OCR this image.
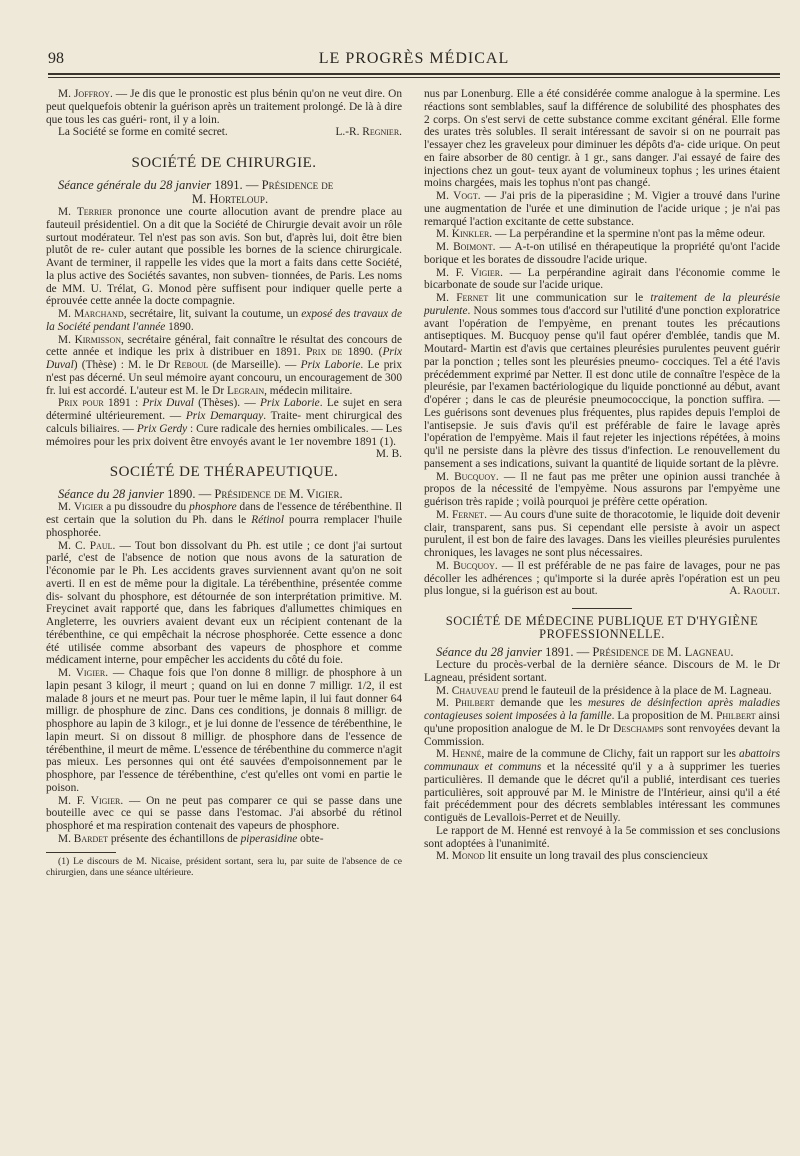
98	LE PROGRÈS MÉDICAL

M. Joffroy. — Je dis que le pronostic est plus bénin qu'on ne veut dire. On peut quelquefois obtenir la guérison après un traitement prolongé. De là à dire que tous les cas guéri- ront, il y a loin.

La Société se forme en comité secret.	L.-R. Regnier.

SOCIÉTÉ DE CHIRURGIE.

Séance générale du 28 janvier 1891. — Présidence de

M. Horteloup.

M. Terrier prononce une courte allocution avant de prendre place au fauteuil présidentiel. On a dit que la Société de Chirurgie devait avoir un rôle surtout modérateur. Tel n'est pas son avis. Son but, d'après lui, doit être bien plutôt de re- culer autant que possible les bornes de la science chirurgicale. Avant de terminer, il rappelle les vides que la mort a faits dans cette Société, la plus active des Sociétés savantes, non subven- tionnées, de Paris. Les noms de MM. U. Trélat, G. Monod père suffisent pour indiquer quelle perte a éprouvée cette année la docte compagnie.

M. Marchand, secrétaire, lit, suivant la coutume, un exposé des travaux de la Société pendant l'année 1890.

M. Kirmisson, secrétaire général, fait connaître le résultat des concours de cette année et indique les prix à distribuer en 1891. Prix de 1890. (Prix Duval) (Thèse) : M. le Dr Reboul (de Marseille). — Prix Laborie. Le prix n'est pas décerné. Un seul mémoire ayant concouru, un encouragement de 300 fr. lui est accordé. L'auteur est M. le Dr Legrain, médecin militaire.

Prix pour 1891 : Prix Duval (Thèses). — Prix Laborie. Le sujet en sera déterminé ultérieurement. — Prix Demarquay. Traite- ment chirurgical des calculs biliaires. — Prix Gerdy : Cure radicale des hernies ombilicales. — Les mémoires pour les prix doivent être envoyés avant le 1er novembre 1891 (1).
M. B.

SOCIÉTÉ DE THÉRAPEUTIQUE.

Séance du 28 janvier 1890. — Présidence de M. Vigier.

M. Vigier a pu dissoudre du phosphore dans de l'essence de térébenthine. Il est certain que la solution du Ph. dans le Rétinol pourra remplacer l'huile phosphorée.

M. C. Paul. — Tout bon dissolvant du Ph. est utile ; ce dont j'ai surtout parlé, c'est de l'absence de notion que nous avons de la saturation de l'économie par le Ph. Les accidents graves surviennent avant qu'on ne soit averti. Il en est de même pour la digitale. La térébenthine, présentée comme dis- solvant du phosphore, est détournée de son interprétation primitive. M. Freycinet avait rapporté que, dans les fabriques d'allumettes chimiques en Angleterre, les ouvriers avaient devant eux un récipient contenant de la térébenthine, ce qui empêchait la nécrose phosphorée. Cette essence a donc été utilisée comme absorbant des vapeurs de phosphore et comme médicament interne, pour empêcher les accidents du côté du foie.

M. Vigier. — Chaque fois que l'on donne 8 milligr. de phosphore à un lapin pesant 3 kilogr, il meurt ; quand on lui en donne 7 milligr. 1/2, il est malade 8 jours et ne meurt pas. Pour tuer le même lapin, il lui faut donner 64 milligr. de phosphure de zinc. Dans ces conditions, je donnais 8 milligr. de phosphore au lapin de 3 kilogr., et je lui donne de l'essence de térébenthine, le lapin meurt. Si on dissout 8 milligr. de phosphore dans de l'essence de térébenthine, il meurt de même. L'essence de térébenthine du commerce n'agit pas mieux. Les personnes qui ont été sauvées d'empoisonnement par le phosphore, par l'essence de térébenthine, c'est qu'elles ont vomi en partie le poison.

M. F. Vigier. — On ne peut pas comparer ce qui se passe dans une bouteille avec ce qui se passe dans l'estomac. J'ai absorbé du rétinol phosphoré et ma respiration contenait des vapeurs de phosphore.

M. Bardet présente des échantillons de piperasidine obte-

(1) Le discours de M. Nicaise, président sortant, sera lu, par suite de l'absence de ce chirurgien, dans une séance ultérieure.

nus par Lonenburg. Elle a été considérée comme analogue à la spermine. Les réactions sont semblables, sauf la différence de solubilité des phosphates des 2 corps. On s'est servi de cette substance comme excitant général. Elle forme des urates très solubles. Il serait intéressant de savoir si on ne pourrait pas l'essayer chez les graveleux pour diminuer les dépôts d'a- cide urique. On peut en faire absorber de 80 centigr. à 1 gr., sans danger. J'ai essayé de faire des injections chez un gout- teux ayant de volumineux tophus ; les urines étaient moins chargées, mais les tophus n'ont pas changé.

M. Vogt. — J'ai pris de la piperasidine ; M. Vigier a trouvé dans l'urine une augmentation de l'urée et une diminution de l'acide urique ; je n'ai pas remarqué l'action excitante de cette substance.

M. Kinkler. — La perpérandine et la spermine n'ont pas la même odeur.

M. Boimont. — A-t-on utilisé en thérapeutique la propriété qu'ont l'acide borique et les borates de dissoudre l'acide urique.

M. F. Vigier. — La perpérandine agirait dans l'économie comme le bicarbonate de soude sur l'acide urique.

M. Fernet lit une communication sur le traitement de la pleurésie purulente. Nous sommes tous d'accord sur l'utilité d'une ponction exploratrice avant l'opération de l'empyème, en prenant toutes les précautions antiseptiques. M. Bucquoy pense qu'il faut opérer d'emblée, tandis que M. Moutard- Martin est d'avis que certaines pleurésies purulentes peuvent guérir par la ponction ; telles sont les pleurésies pneumo- cocciques. Tel a été l'avis précédemment exprimé par Netter. Il est donc utile de connaître l'espèce de la pleurésie, par l'examen bactériologique du liquide ponctionné au début, avant d'opérer ; dans le cas de pleurésie pneumococcique, la ponction suffira. — Les guérisons sont devenues plus fréquentes, plus rapides depuis l'emploi de l'antisepsie. Je suis d'avis qu'il est préférable de faire le lavage après l'opération de l'empyème. Mais il faut rejeter les injections répétées, à moins qu'il ne persiste dans la plèvre des tissus d'infection. Le renouvellement du pansement a ses indications, suivant la quantité de liquide sortant de la plèvre.

M. Bucquoy. — Il ne faut pas me prêter une opinion aussi tranchée à propos de la nécessité de l'empyème. Nous assurons par l'empyème une guérison très rapide ; voilà pourquoi je préfère cette opération.

M. Fernet. — Au cours d'une suite de thoracotomie, le liquide doit devenir clair, transparent, sans pus. Si cependant elle persiste à avoir un aspect purulent, il est bon de faire des lavages. Dans les vieilles pleurésies purulentes chroniques, les lavages ne sont plus nécessaires.

M. Bucquoy. — Il est préférable de ne pas faire de lavages, pour ne pas décoller les adhérences ; qu'importe si la durée après l'opération est un peu plus longue, si la guérison est au bout.	A. Raoult.

SOCIÉTÉ DE MÉDECINE PUBLIQUE ET D'HYGIÈNE
PROFESSIONNELLE.

Séance du 28 janvier 1891. — Présidence de M. Lagneau.

Lecture du procès-verbal de la dernière séance. Discours de M. le Dr Lagneau, président sortant.

M. Chauveau prend le fauteuil de la présidence à la place de M. Lagneau.

M. Philbert demande que les mesures de désinfection après maladies contagieuses soient imposées à la famille. La proposition de M. Philbert ainsi qu'une proposition analogue de M. le Dr Deschamps sont renvoyées devant la Commission.

M. Henné, maire de la commune de Clichy, fait un rapport sur les abattoirs communaux et communs et la nécessité qu'il y a à supprimer les tueries particulières. Il demande que le décret qu'il a publié, interdisant ces tueries particulières, soit approuvé par M. le Ministre de l'Intérieur, ainsi qu'il a été fait précédemment pour des décrets semblables intéressant les communes contiguës de Levallois-Perret et de Neuilly.

Le rapport de M. Henné est renvoyé à la 5e commission et ses conclusions sont adoptées à l'unanimité.

M. Monod lit ensuite un long travail des plus consciencieux
